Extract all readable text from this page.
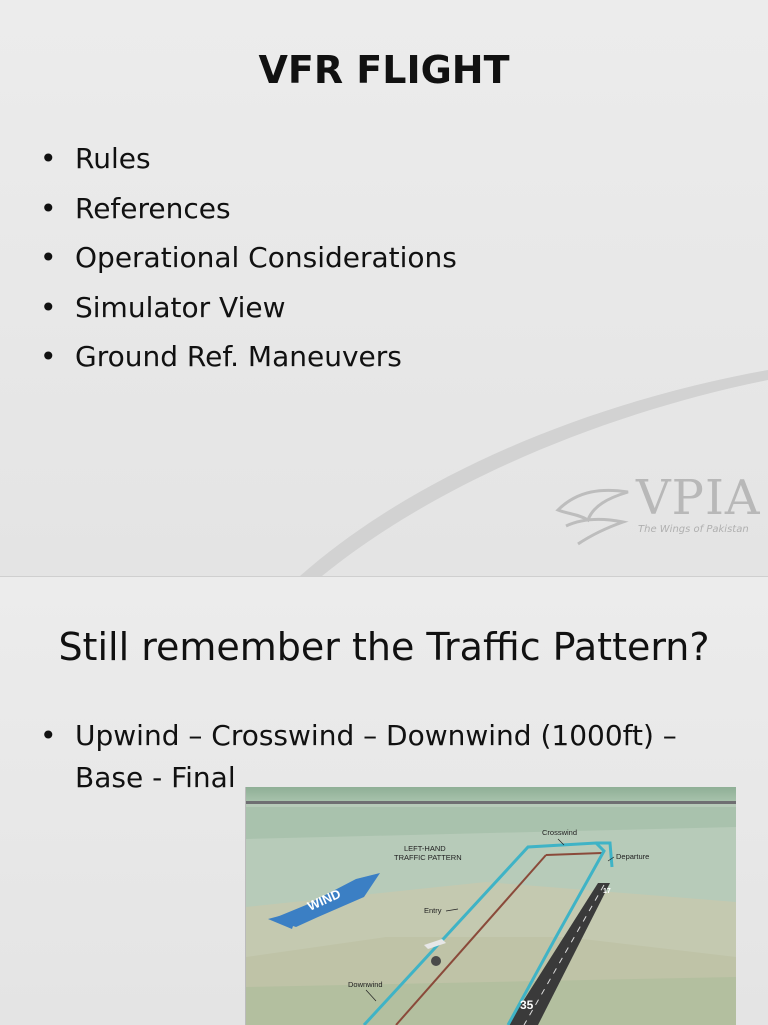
VFR FLIGHT
• Rules
• References
• Operational Considerations
• Simulator View
• Ground Ref. Maneuvers
VPIA
The Wings of Pakistan
Still remember the Traffic Pattern?
• Upwind – Crosswind – Downwind (1000ft) – Base - Final
WIND
LEFT-HAND
TRAFFIC PATTERN
Crosswind
Departure
Entry
Downwind
17
35
